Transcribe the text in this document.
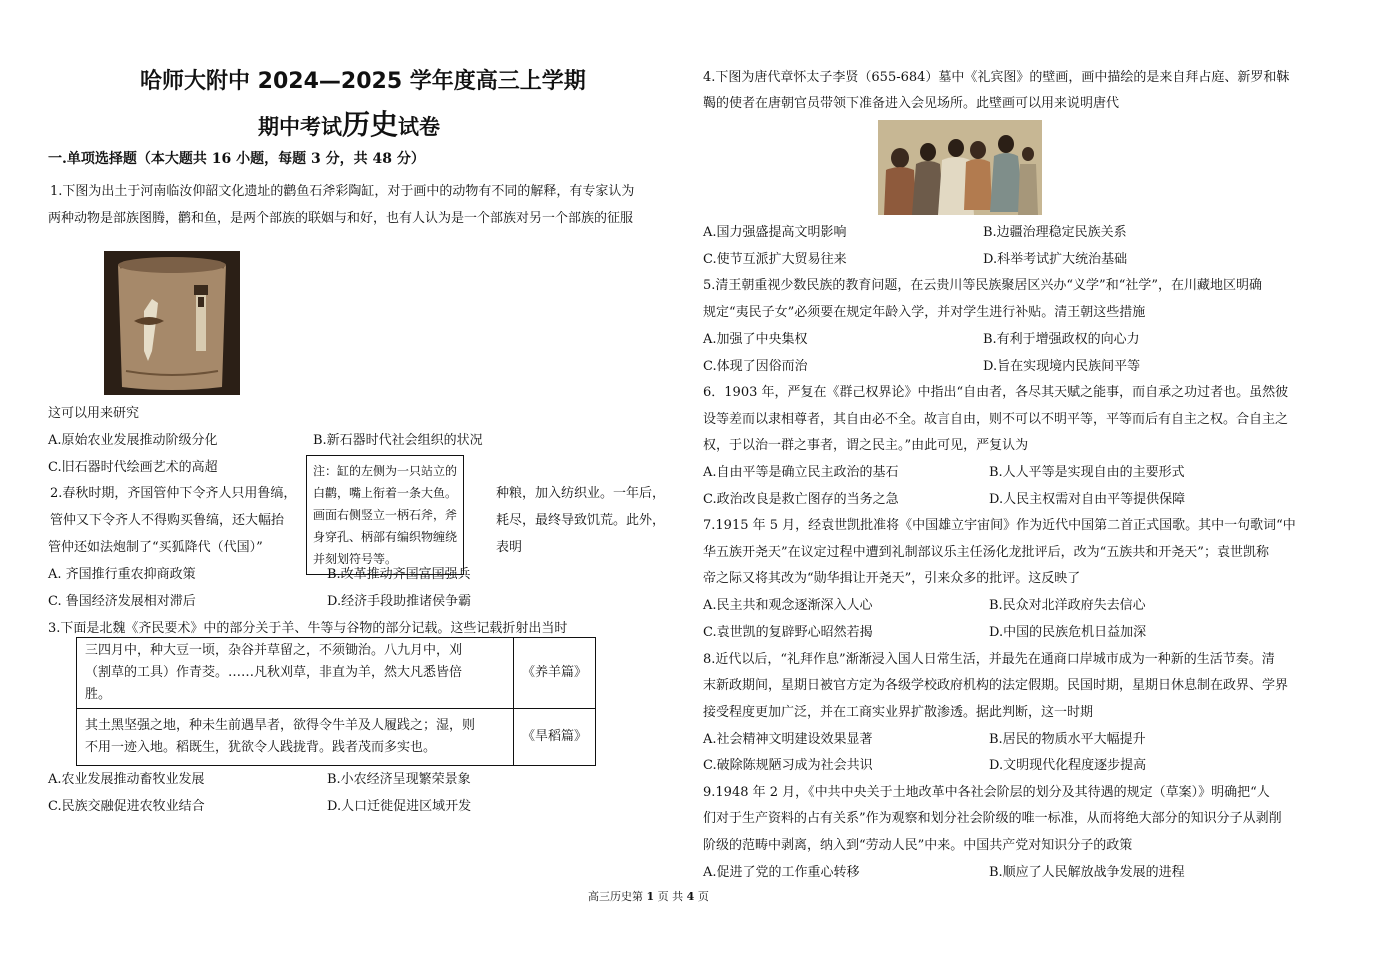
哈师大附中 2024—2025 学年度高三上学期
期中考试历史试卷
一.单项选择题（本大题共 16 小题，每题 3 分，共 48 分）
1.下图为出土于河南临汝仰韶文化遗址的鹳鱼石斧彩陶缸，对于画中的动物有不同的解释，有专家认为
两种动物是部族图腾，鹳和鱼，是两个部族的联姻与和好，也有人认为是一个部族对另一个部族的征服
这可以用来研究
A.原始农业发展推动阶级分化	B.新石器时代社会组织的状况
C.旧石器时代绘画艺术的高超
2.春秋时期，齐国管仲下令齐人只用鲁缟，	种粮，加入纺织业。一年后，
管仲又下令齐人不得购买鲁缟，还大幅抬	耗尽，最终导致饥荒。此外，
管仲还如法炮制了“买狐降代（代国）”	表明
注：缸的左侧为一只站立的
白鹳，嘴上衔着一条大鱼。
画面右侧竖立一柄石斧，斧
身穿孔、柄部有编织物缠绕
并刻划符号等。
A. 齐国推行重农抑商政策	B.改革推动齐国富国强兵
C. 鲁国经济发展相对滞后	D.经济手段助推诸侯争霸
3.下面是北魏《齐民要术》中的部分关于羊、牛等与谷物的部分记载。这些记载折射出当时
三四月中，种大豆一顷，杂谷并草留之，不须锄治。八九月中，刈
（割草的工具）作青茭。……凡秋刈草，非直为羊，然大凡悉皆倍
胜。	《养羊篇》

其土黑坚强之地，种未生前遇旱者，欲得令牛羊及人履践之；湿，则
不用一迹入地。稻既生，犹欲令人践拢背。践者茂而多实也。	《旱稻篇》
A.农业发展推动畜牧业发展	B.小农经济呈现繁荣景象
C.民族交融促进农牧业结合	D.人口迁徙促进区域开发
4.下图为唐代章怀太子李贤（655-684）墓中《礼宾图》的壁画，画中描绘的是来自拜占庭、新罗和靺
鞨的使者在唐朝官员带领下准备进入会见场所。此壁画可以用来说明唐代
A.国力强盛提高文明影响	B.边疆治理稳定民族关系
C.使节互派扩大贸易往来	D.科举考试扩大统治基础
5.清王朝重视少数民族的教育问题，在云贵川等民族聚居区兴办“义学”和“社学”，在川藏地区明确
规定“夷民子女”必须要在规定年龄入学，并对学生进行补贴。清王朝这些措施
A.加强了中央集权	B.有利于增强政权的向心力
C.体现了因俗而治	D.旨在实现境内民族间平等
6．1903 年，严复在《群己权界论》中指出“自由者，各尽其天赋之能事，而自承之功过者也。虽然彼
设等差而以隶相尊者，其自由必不全。故言自由，则不可以不明平等，平等而后有自主之权。合自主之
权，于以治一群之事者，谓之民主。”由此可见，严复认为
A.自由平等是确立民主政治的基石	B.人人平等是实现自由的主要形式
C.政治改良是救亡图存的当务之急	D.人民主权需对自由平等提供保障
7.1915 年 5 月，经袁世凯批准将《中国雄立宇宙间》作为近代中国第二首正式国歌。其中一句歌词“中
华五族开尧天”在议定过程中遭到礼制部议乐主任汤化龙批评后，改为“五族共和开尧天”；袁世凯称
帝之际又将其改为“勋华揖让开尧天”，引来众多的批评。这反映了
A.民主共和观念逐渐深入人心	B.民众对北洋政府失去信心
C.袁世凯的复辟野心昭然若揭	D.中国的民族危机日益加深
8.近代以后，“礼拜作息”渐渐浸入国人日常生活，并最先在通商口岸城市成为一种新的生活节奏。清
末新政期间，星期日被官方定为各级学校政府机构的法定假期。民国时期，星期日休息制在政界、学界
接受程度更加广泛，并在工商实业界扩散渗透。据此判断，这一时期
A.社会精神文明建设效果显著	B.居民的物质水平大幅提升
C.破除陈规陋习成为社会共识	D.文明现代化程度逐步提高
9.1948 年 2 月，《中共中央关于土地改革中各社会阶层的划分及其待遇的规定（草案）》明确把“人
们对于生产资料的占有关系”作为观察和划分社会阶级的唯一标准，从而将绝大部分的知识分子从剥削
阶级的范畴中剥离，纳入到“劳动人民”中来。中国共产党对知识分子的政策
A.促进了党的工作重心转移	B.顺应了人民解放战争发展的进程
高三历史第 1 页 共 4 页
